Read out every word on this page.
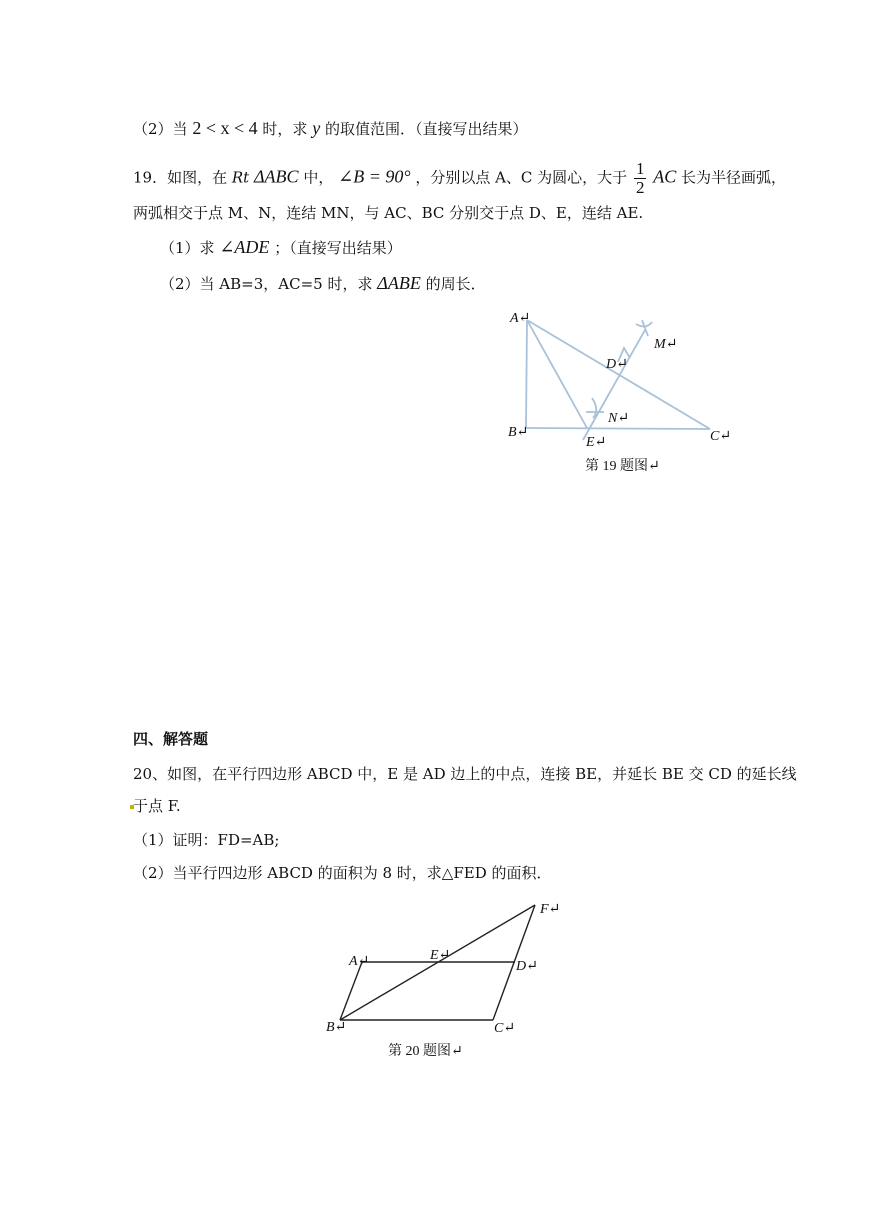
（2）当 2 < x < 4 时，求 y 的取值范围．（直接写出结果）
19．如图，在 Rt ΔABC 中， ∠B = 90° ，分别以点 A、C 为圆心，大于 $\frac{1}{2}$ AC 长为半径画弧，
两弧相交于点 M、N，连结 MN，与 AC、BC 分别交于点 D、E，连结 AE.
（1）求 ∠ADE ；（直接写出结果）
（2）当 AB=3，AC=5 时，求 ΔABE 的周长．
A↵
B↵	C↵
D↵
E↵
M↵
N↵
第 19 题图↵
四、解答题
20、如图，在平行四边形 ABCD 中，E 是 AD 边上的中点，连接 BE，并延长 BE 交 CD 的延长线
于点 F.
（1）证明：FD=AB;
（2）当平行四边形 ABCD 的面积为 8 时，求△FED 的面积．
A↵
B↵	C↵
D↵
E↵
F↵
第 20 题图↵
